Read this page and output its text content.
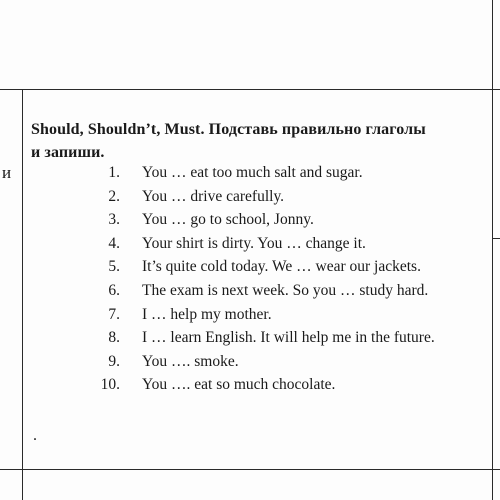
и
Should, Shouldn’t, Must. Подставь правильно глаголы
и запиши.
1. You … eat too much salt and sugar.
2. You … drive carefully.
3. You … go to school, Jonny.
4. Your shirt is dirty. You … change it.
5. It’s quite cold today. We … wear our jackets.
6. The exam is next week. So you … study hard.
7. I … help my mother.
8. I … learn English. It will help me in the future.
9. You …. smoke.
10. You …. eat so much chocolate.
.
